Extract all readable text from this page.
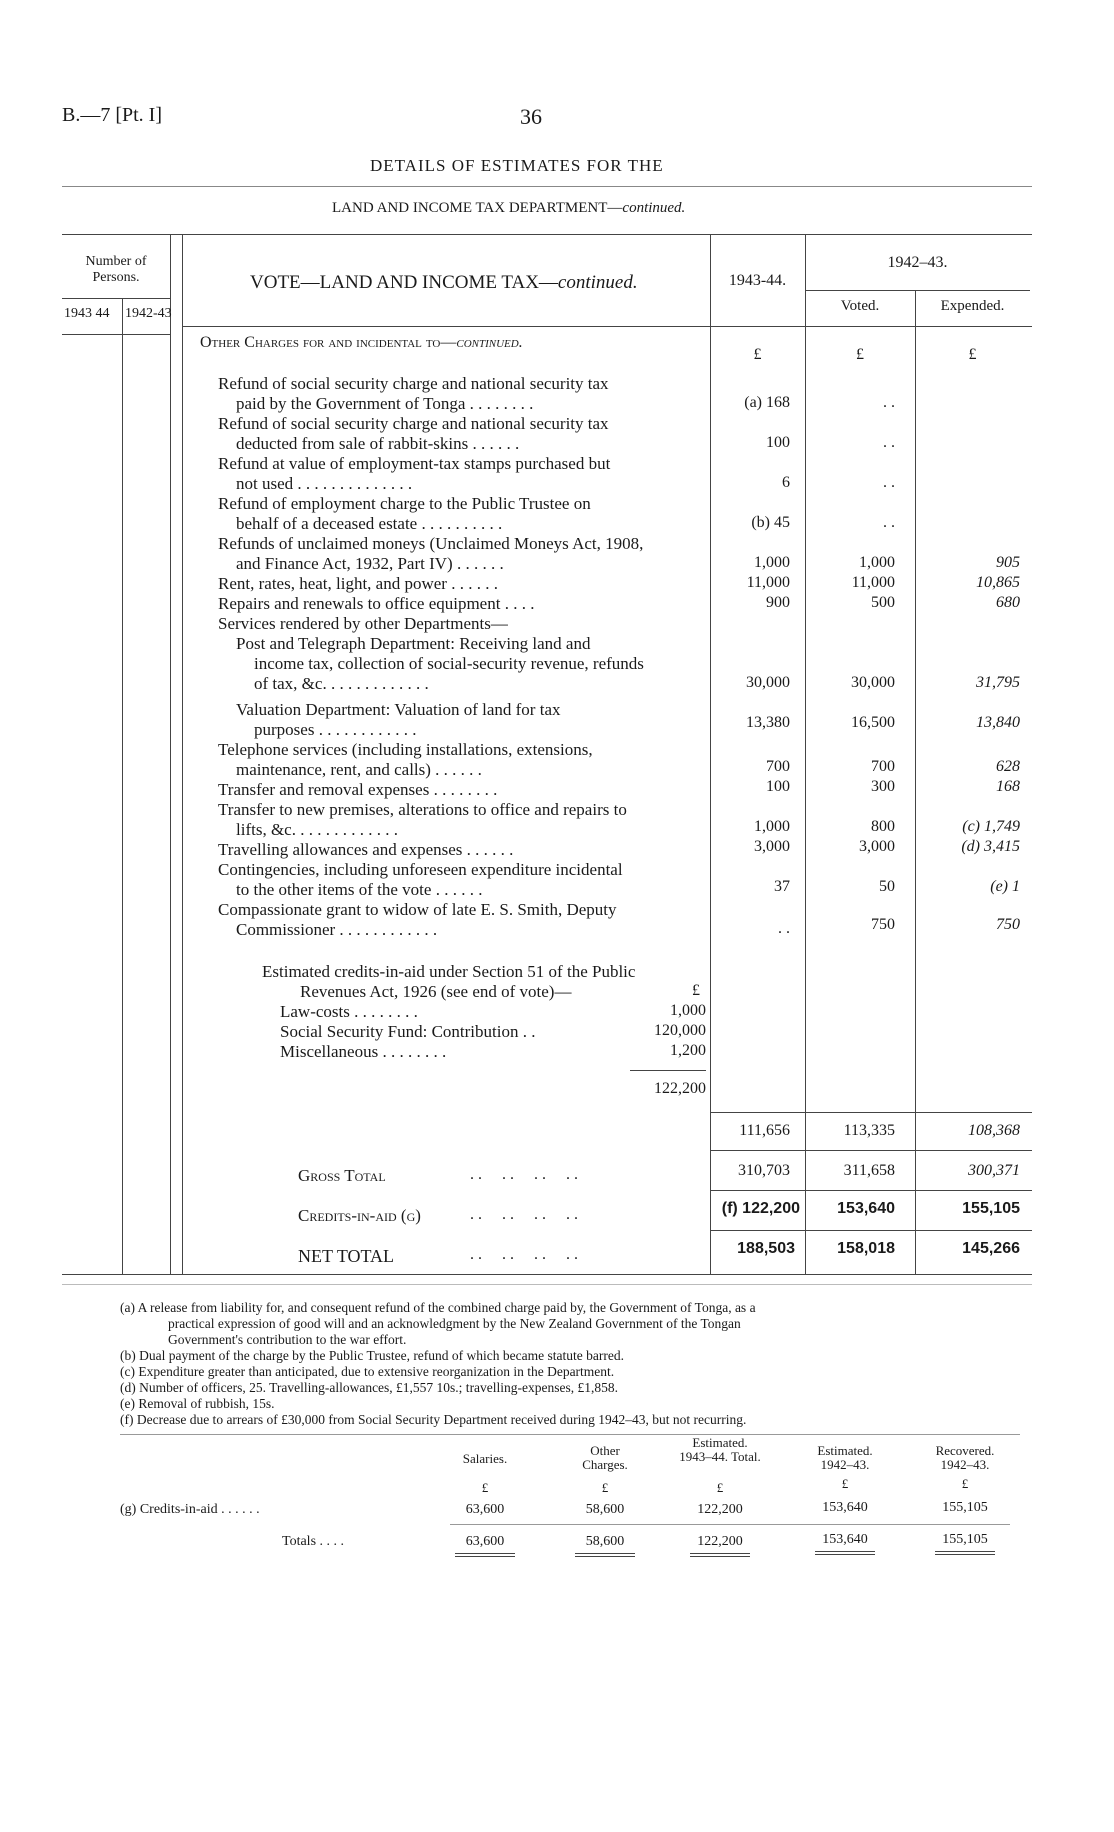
B.—7 [Pt. I]	36
DETAILS OF ESTIMATES FOR THE
LAND AND INCOME TAX DEPARTMENT—continued.
Number of Persons.
1943 44 1942-43
VOTE—LAND AND INCOME TAX—continued.	1943-44.
1942–43.
Voted.	Expended.
Other Charges for and incidental to—continued.
£	£	£
Refund of social security charge and national security tax
paid by the Government of Tonga . . . . . . . .	(a) 168	. .
Refund of social security charge and national security tax
deducted from sale of rabbit-skins . . . . . .	100	. .
Refund at value of employment-tax stamps purchased but
not used . . . . . . . . . . . . . .	6	. .
Refund of employment charge to the Public Trustee on
behalf of a deceased estate . . . . . . . . . .	(b) 45	. .
Refunds of unclaimed moneys (Unclaimed Moneys Act, 1908,
and Finance Act, 1932, Part IV) . . . . . .	1,000	1,000	905
Rent, rates, heat, light, and power . . . . . .	11,000	11,000	10,865
Repairs and renewals to office equipment . . . .	900	500	680
Services rendered by other Departments—
Post and Telegraph Department: Receiving land and
income tax, collection of social-security revenue, refunds
of tax, &c. . . . . . . . . . . . .	30,000	30,000	31,795
Valuation Department: Valuation of land for tax
purposes . . . . . . . . . . . .	13,380	16,500	13,840
Telephone services (including installations, extensions,
maintenance, rent, and calls) . . . . . .	700	700	628
Transfer and removal expenses . . . . . . . .	100	300	168
Transfer to new premises, alterations to office and repairs to
lifts, &c. . . . . . . . . . . . .	1,000	800	(c) 1,749
Travelling allowances and expenses . . . . . .	3,000	3,000	(d) 3,415
Contingencies, including unforeseen expenditure incidental
to the other items of the vote . . . . . .	37	50	(e) 1
Compassionate grant to widow of late E. S. Smith, Deputy
Commissioner . . . . . . . . . . . .	. .	750	750
Estimated credits-in-aid under Section 51 of the Public
Revenues Act, 1926 (see end of vote)—	£
Law-costs . . . . . . . .	1,000
Social Security Fund: Contribution . .	120,000
Miscellaneous . . . . . . . .	1,200
122,200
111,656	113,335	108,368
Gross Total	. .     . .     . .     . .	310,703	311,658	300,371
Credits-in-aid (g)	. .     . .     . .     . .	(f) 122,200	153,640	155,105
NET TOTAL	. .     . .     . .     . .	188,503	158,018	145,266
(a) A release from liability for, and consequent refund of the combined charge paid by, the Government of Tonga, as a
practical expression of good will and an acknowledgment by the New Zealand Government of the Tongan
Government's contribution to the war effort.
(b) Dual payment of the charge by the Public Trustee, refund of which became statute barred.
(c) Expenditure greater than anticipated, due to extensive reorganization in the Department.
(d) Number of officers, 25. Travelling-allowances, £1,557 10s.; travelling-expenses, £1,858.
(e) Removal of rubbish, 15s.
(f) Decrease due to arrears of £30,000 from Social Security Department received during 1942–43, but not recurring.
Salaries.
Other Charges.
Estimated. 1943–44. Total.	Estimated. 1942–43.
Recovered. 1942–43.
£	£	£	£	£
(g) Credits-in-aid . . . . . .	63,600	58,600	122,200	153,640	155,105
Totals . . . .	63,600	58,600	122,200	153,640	155,105
